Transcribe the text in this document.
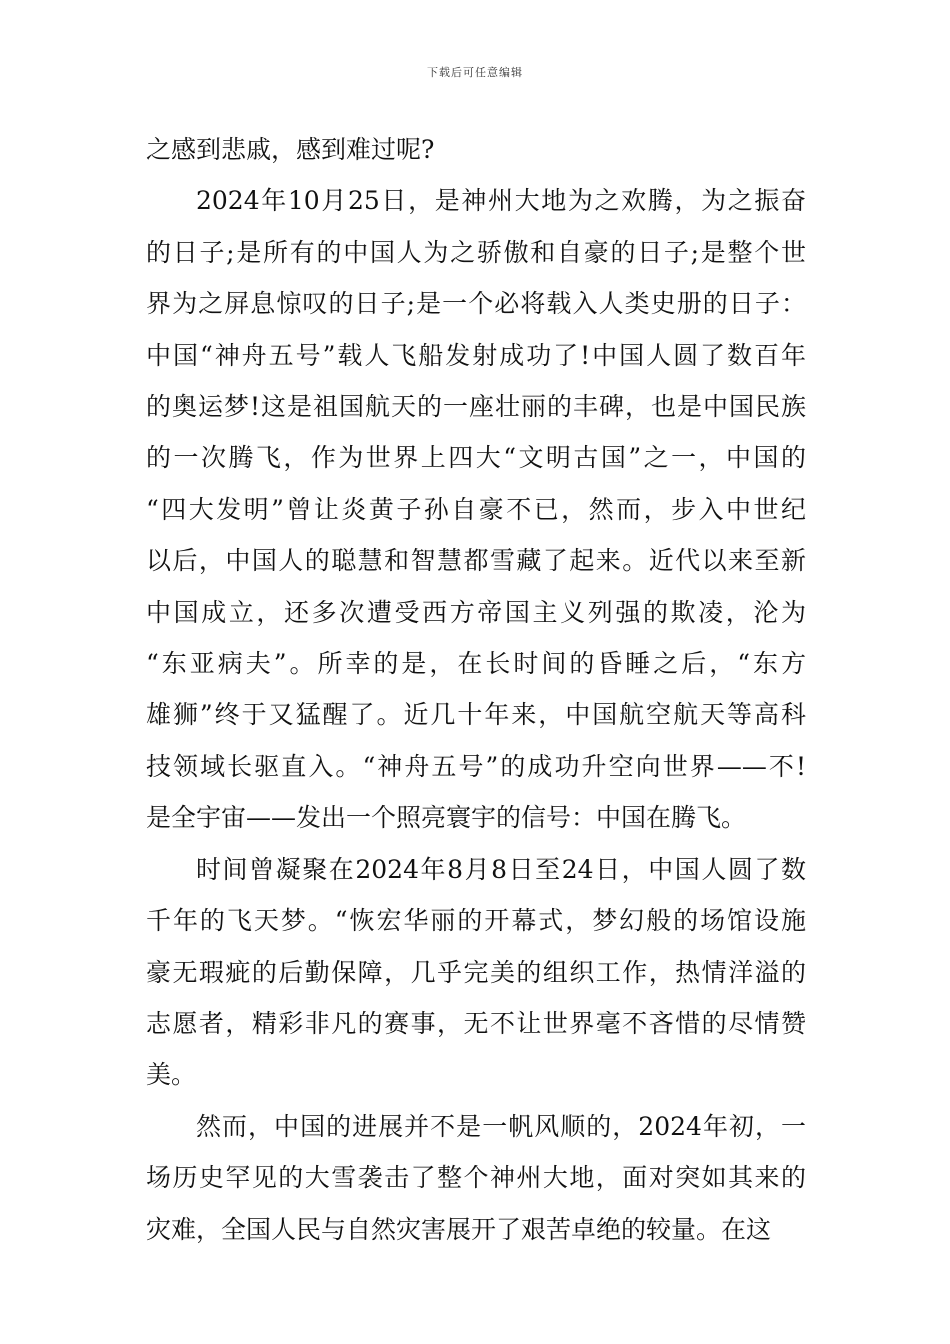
下载后可任意编辑

之感到悲戚，感到难过呢?

2024年10月25日，是神州大地为之欢腾，为之振奋
的日子;是所有的中国人为之骄傲和自豪的日子;是整个世
界为之屏息惊叹的日子;是一个必将载入人类史册的日子：
中国“神舟五号”载人飞船发射成功了!中国人圆了数百年
的奥运梦!这是祖国航天的一座壮丽的丰碑，也是中国民族
的一次腾飞，作为世界上四大“文明古国”之一，中国的
“四大发明”曾让炎黄子孙自豪不已，然而，步入中世纪
以后，中国人的聪慧和智慧都雪藏了起来。近代以来至新
中国成立，还多次遭受西方帝国主义列强的欺凌，沦为
“东亚病夫”。所幸的是，在长时间的昏睡之后，“东方
雄狮”终于又猛醒了。近几十年来，中国航空航天等高科
技领域长驱直入。“神舟五号”的成功升空向世界——不!
是全宇宙——发出一个照亮寰宇的信号：中国在腾飞。

时间曾凝聚在2024年8月8日至24日，中国人圆了数
千年的飞天梦。“恢宏华丽的开幕式，梦幻般的场馆设施
豪无瑕疵的后勤保障，几乎完美的组织工作，热情洋溢的
志愿者，精彩非凡的赛事，无不让世界毫不吝惜的尽情赞
美。

然而，中国的进展并不是一帆风顺的，2024年初，一
场历史罕见的大雪袭击了整个神州大地，面对突如其来的
灾难，全国人民与自然灾害展开了艰苦卓绝的较量。在这
